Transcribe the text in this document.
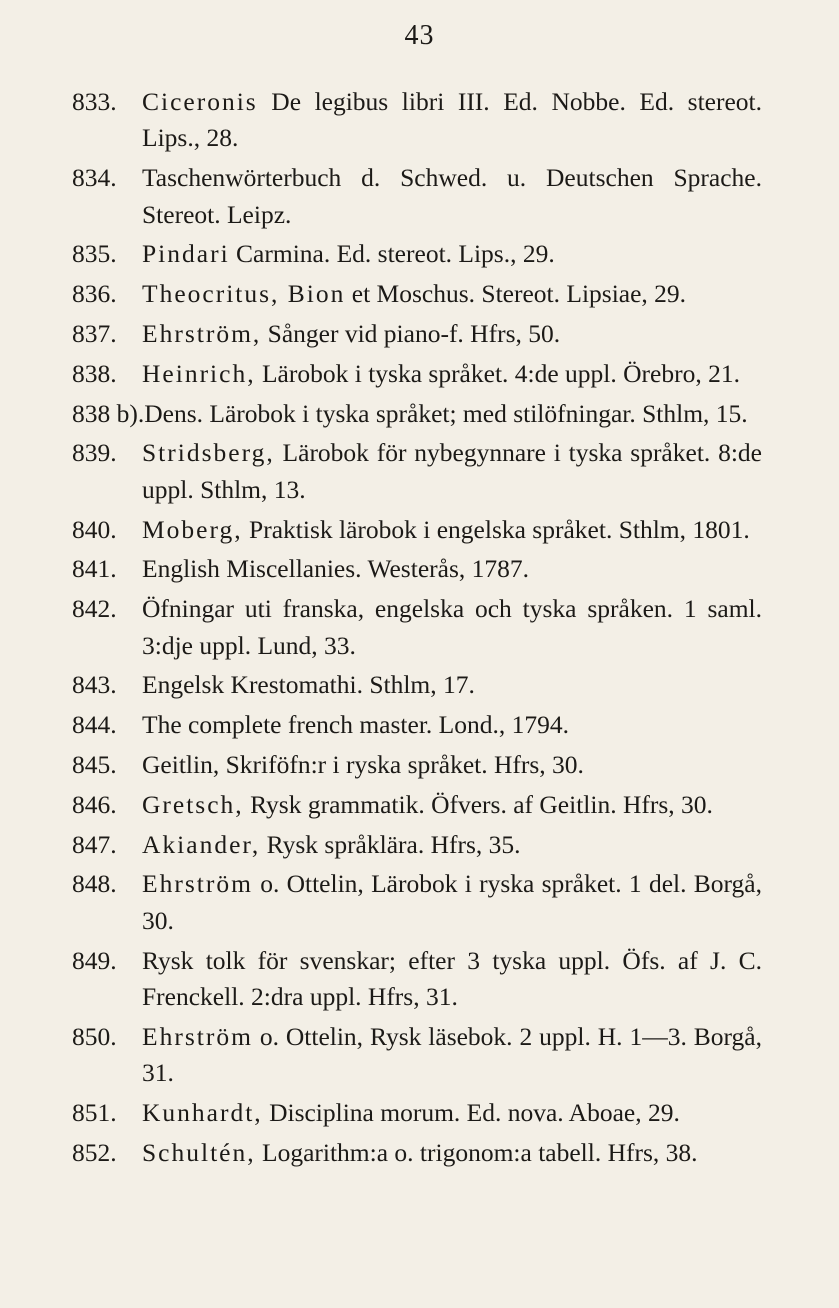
43
833. Ciceronis De legibus libri III. Ed. Nobbe. Ed. stereot. Lips., 28.
834. Taschenwörterbuch d. Schwed. u. Deutschen Sprache. Stereot. Leipz.
835. Pindari Carmina. Ed. stereot. Lips., 29.
836. Theocritus, Bion et Moschus. Stereot. Lipsiae, 29.
837. Ehrström, Sånger vid piano-f. Hfrs, 50.
838. Heinrich, Lärobok i tyska språket. 4:de uppl. Örebro, 21.
838 b). Dens. Lärobok i tyska språket; med stilöfningar. Sthlm, 15.
839. Stridsberg, Lärobok för nybegynnare i tyska språket. 8:de uppl. Sthlm, 13.
840. Moberg, Praktisk lärobok i engelska språket. Sthlm, 1801.
841. English Miscellanies. Westerås, 1787.
842. Öfningar uti franska, engelska och tyska språken. 1 saml. 3:dje uppl. Lund, 33.
843. Engelsk Krestomathi. Sthlm, 17.
844. The complete french master. Lond., 1794.
845. Geitlin, Skriföfn:r i ryska språket. Hfrs, 30.
846. Gretsch, Rysk grammatik. Öfvers. af Geitlin. Hfrs, 30.
847. Akiander, Rysk språklära. Hfrs, 35.
848. Ehrström o. Ottelin, Lärobok i ryska språket. 1 del. Borgå, 30.
849. Rysk tolk för svenskar; efter 3 tyska uppl. Öfs. af J. C. Frenckell. 2:dra uppl. Hfrs, 31.
850. Ehrström o. Ottelin, Rysk läsebok. 2 uppl. H. 1—3. Borgå, 31.
851. Kunhardt, Disciplina morum. Ed. nova. Aboae, 29.
852. Schultén, Logarithm:a o. trigonom:a tabell. Hfrs, 38.
